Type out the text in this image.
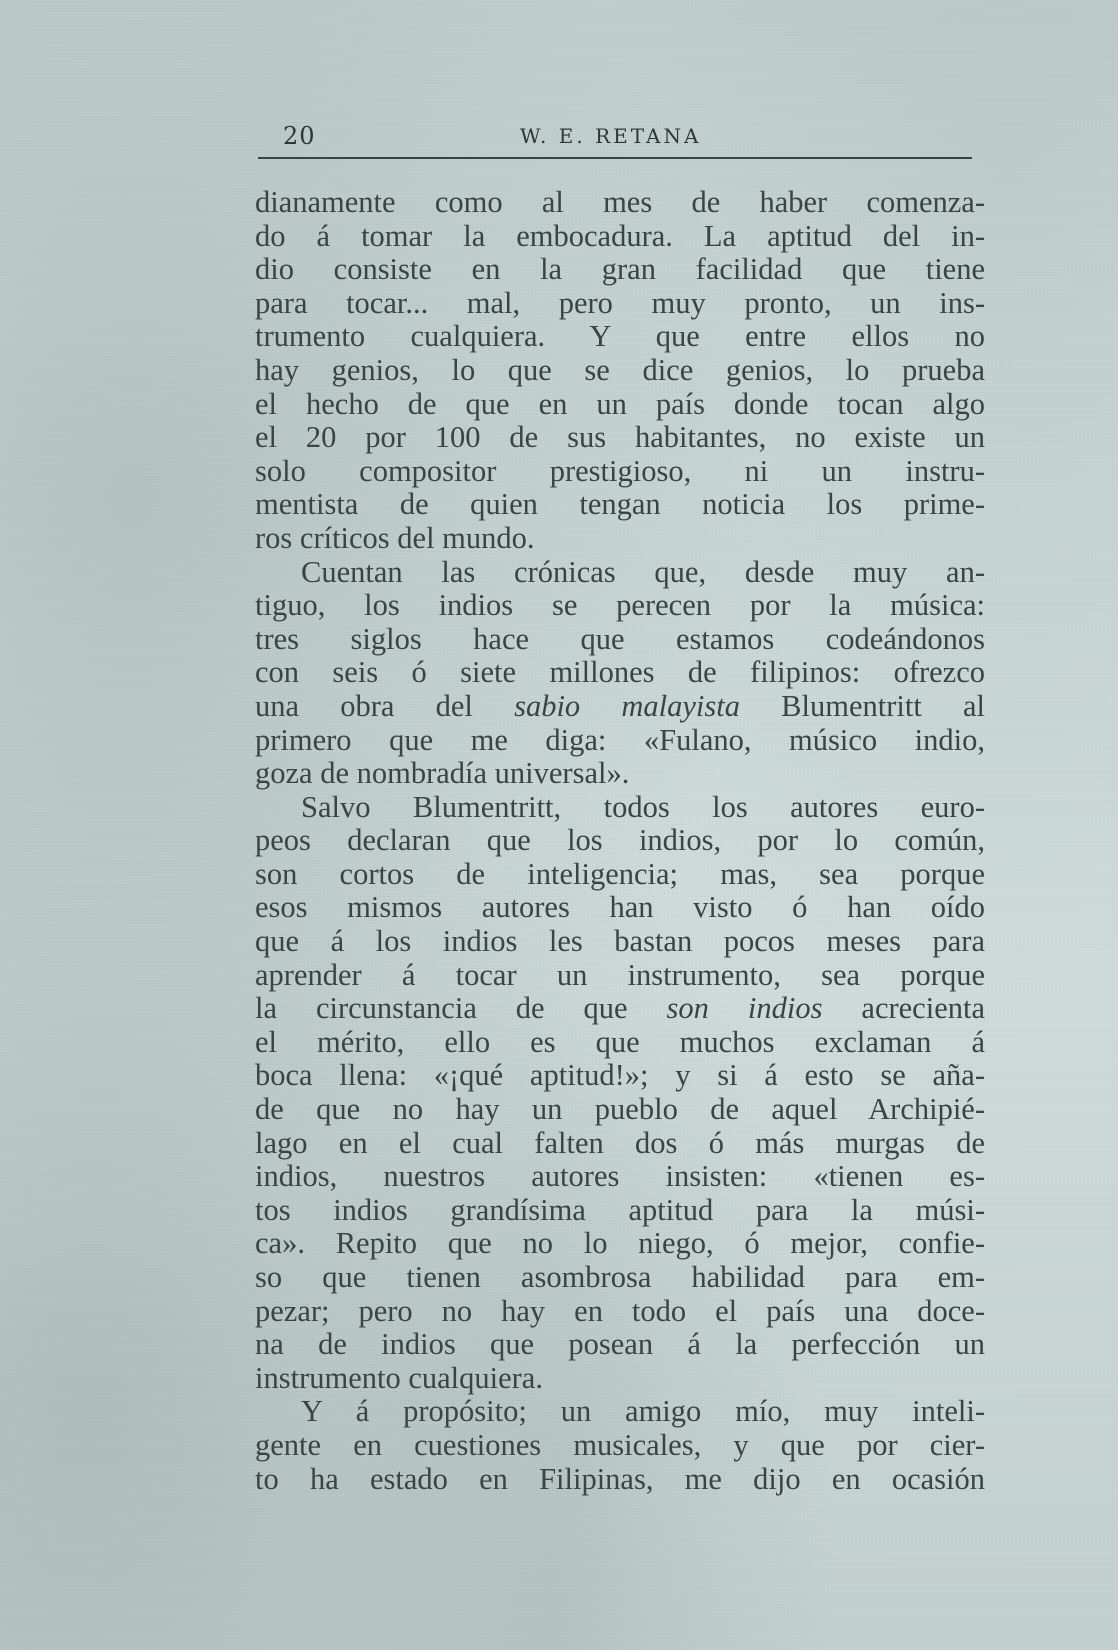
20	W. E. RETANA
dianamente como al mes de haber comenza-
do á tomar la embocadura. La aptitud del in-
dio consiste en la gran facilidad que tiene
para tocar... mal, pero muy pronto, un ins-
trumento cualquiera. Y que entre ellos no
hay genios, lo que se dice genios, lo prueba
el hecho de que en un país donde tocan algo
el 20 por 100 de sus habitantes, no existe un
solo compositor prestigioso, ni un instru-
mentista de quien tengan noticia los prime-
ros críticos del mundo.
Cuentan las crónicas que, desde muy an-
tiguo, los indios se perecen por la música:
tres siglos hace que estamos codeándonos
con seis ó siete millones de filipinos: ofrezco
una obra del sabio malayista Blumentritt al
primero que me diga: «Fulano, músico indio,
goza de nombradía universal».
Salvo Blumentritt, todos los autores euro-
peos declaran que los indios, por lo común,
son cortos de inteligencia; mas, sea porque
esos mismos autores han visto ó han oído
que á los indios les bastan pocos meses para
aprender á tocar un instrumento, sea porque
la circunstancia de que son indios acrecienta
el mérito, ello es que muchos exclaman á
boca llena: «¡qué aptitud!»; y si á esto se aña-
de que no hay un pueblo de aquel Archipié-
lago en el cual falten dos ó más murgas de
indios, nuestros autores insisten: «tienen es-
tos indios grandísima aptitud para la músi-
ca». Repito que no lo niego, ó mejor, confie-
so que tienen asombrosa habilidad para em-
pezar; pero no hay en todo el país una doce-
na de indios que posean á la perfección un
instrumento cualquiera.
Y á propósito; un amigo mío, muy inteli-
gente en cuestiones musicales, y que por cier-
to ha estado en Filipinas, me dijo en ocasión
